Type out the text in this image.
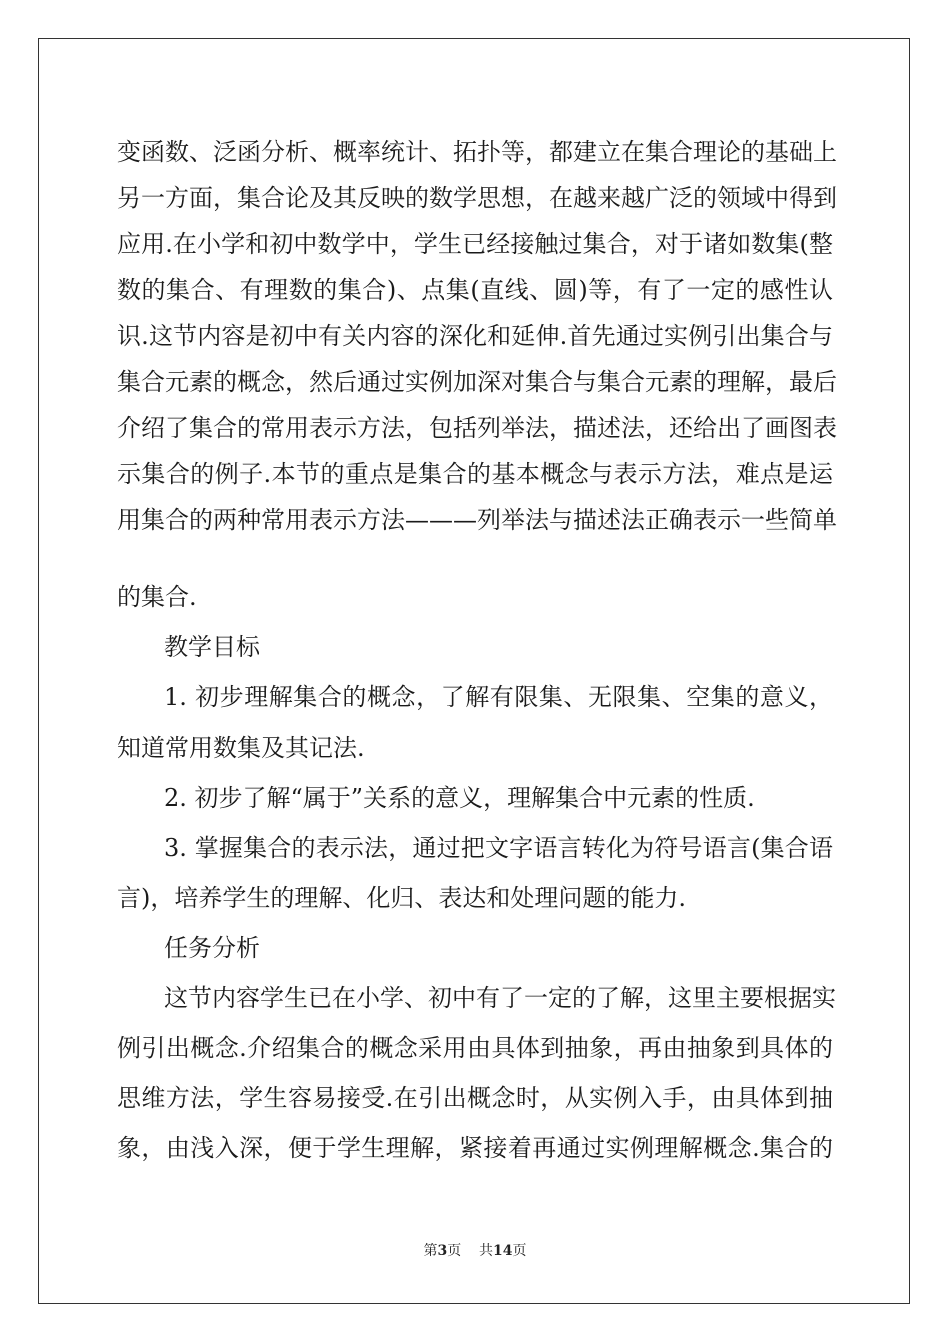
变函数、泛函分析、概率统计、拓扑等，都建立在集合理论的基础上
另一方面，集合论及其反映的数学思想，在越来越广泛的领域中得到
应用.在小学和初中数学中，学生已经接触过集合，对于诸如数集(整
数的集合、有理数的集合)、点集(直线、圆)等，有了一定的感性认
识.这节内容是初中有关内容的深化和延伸.首先通过实例引出集合与
集合元素的概念，然后通过实例加深对集合与集合元素的理解，最后
介绍了集合的常用表示方法，包括列举法，描述法，还给出了画图表
示集合的例子.本节的重点是集合的基本概念与表示方法，难点是运
用集合的两种常用表示方法———列举法与描述法正确表示一些简单
的集合.
教学目标
1. 初步理解集合的概念，了解有限集、无限集、空集的意义，
知道常用数集及其记法.
2. 初步了解“属于”关系的意义，理解集合中元素的性质.
3. 掌握集合的表示法，通过把文字语言转化为符号语言(集合语
言)，培养学生的理解、化归、表达和处理问题的能力.
任务分析
这节内容学生已在小学、初中有了一定的了解，这里主要根据实
例引出概念.介绍集合的概念采用由具体到抽象，再由抽象到具体的
思维方法，学生容易接受.在引出概念时，从实例入手，由具体到抽
象，由浅入深，便于学生理解，紧接着再通过实例理解概念.集合的
第3页 共14页
